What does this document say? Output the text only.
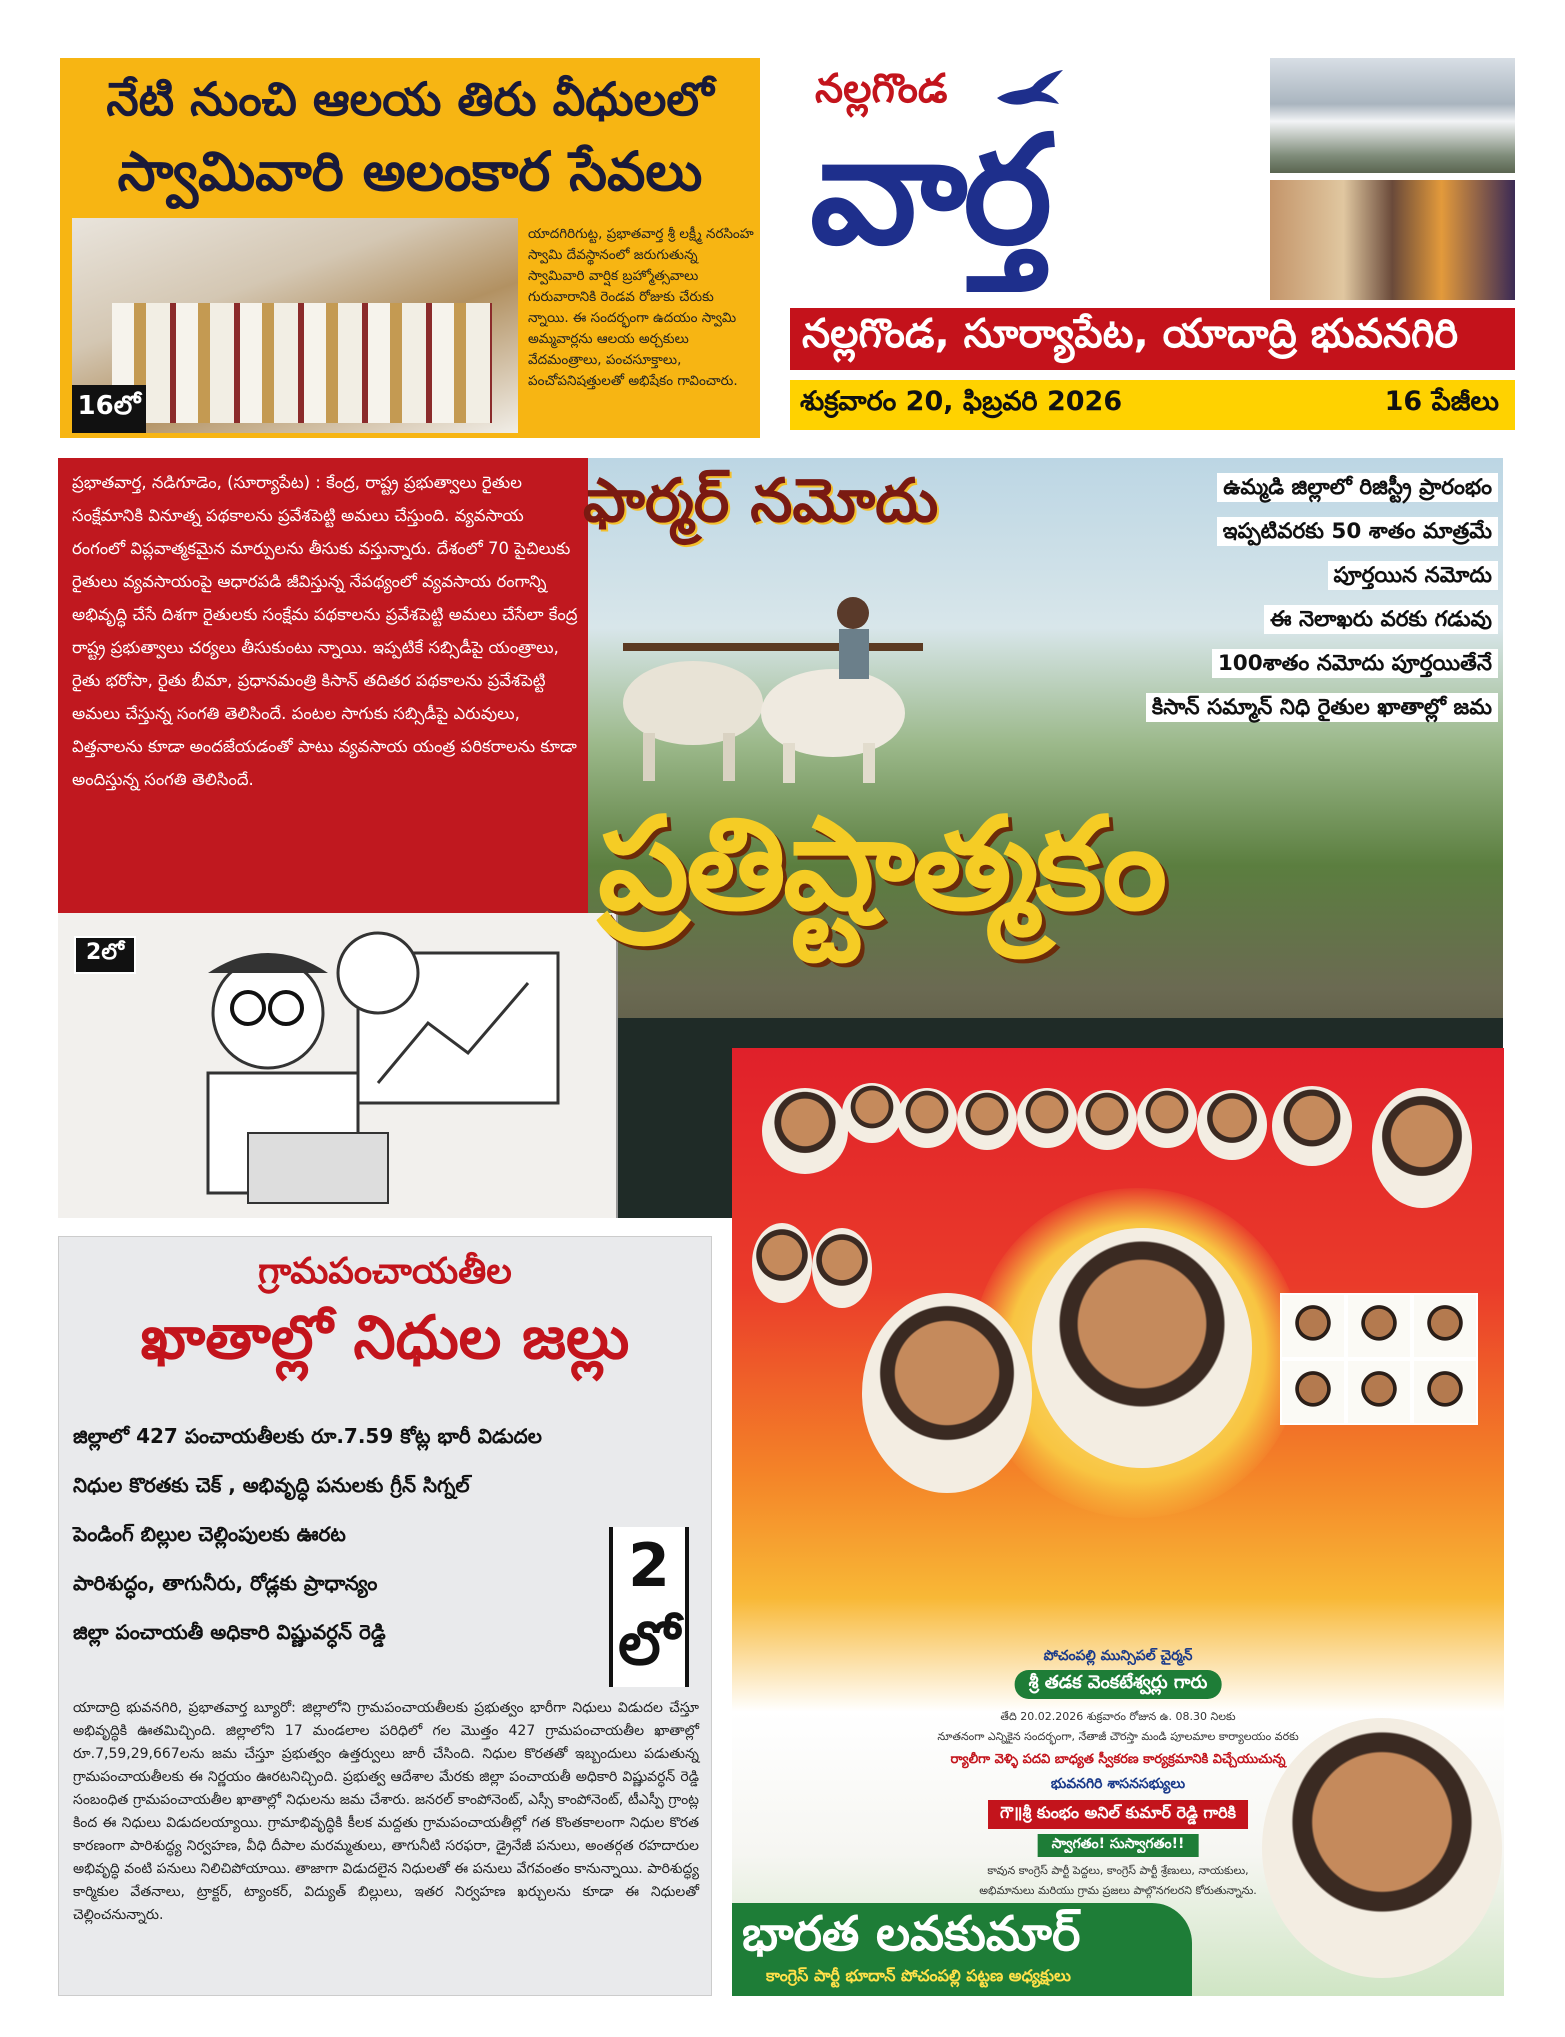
నేటి నుంచి ఆలయ తిరు వీధులలో
స్వామివారి అలంకార సేవలు
16లో
యాదగిరిగుట్ట, ప్రభాతవార్త శ్రీ లక్ష్మీ నరసింహ స్వామి దేవస్థానంలో జరుగుతున్న స్వామివారి వార్షిక బ్రహ్మోత్సవాలు గురువారానికి రెండవ రోజుకు చేరుకు న్నాయి. ఈ సందర్భంగా ఉదయం స్వామి అమ్మవార్లను ఆలయ అర్చకులు వేదమంత్రాలు, పంచసూక్తాలు, పంచోపనిషత్తులతో అభిషేకం గావించారు.
నల్లగొండ
వార్త
నల్లగొండ, సూర్యాపేట, యాదాద్రి భువనగిరి
శుక్రవారం 20, ఫిబ్రవరి 2026	16 పేజీలు

ప్రభాతవార్త, నడిగూడెం, (సూర్యాపేట) : కేంద్ర, రాష్ట్ర ప్రభుత్వాలు రైతుల సంక్షేమానికి వినూత్న పథకాలను ప్రవేశపెట్టి అమలు చేస్తుంది. వ్యవసాయ రంగంలో విప్లవాత్మకమైన మార్పులను తీసుకు వస్తున్నారు. దేశంలో 70 పైచిలుకు రైతులు వ్యవసాయంపై ఆధారపడి జీవిస్తున్న నేపథ్యంలో వ్యవసాయ రంగాన్ని అభివృద్ధి చేసే దిశగా రైతులకు సంక్షేమ పథకాలను ప్రవేశపెట్టి అమలు చేసేలా కేంద్ర రాష్ట్ర ప్రభుత్వాలు చర్యలు తీసుకుంటు న్నాయి. ఇప్పటికే సబ్సిడీపై యంత్రాలు, రైతు భరోసా, రైతు బీమా, ప్రధానమంత్రి కిసాన్ తదితర పథకాలను ప్రవేశపెట్టి అమలు చేస్తున్న సంగతి తెలిసిందే. పంటల సాగుకు సబ్సిడీపై ఎరువులు, విత్తనాలను కూడా అందజేయడంతో పాటు వ్యవసాయ యంత్ర పరికరాలను కూడా అందిస్తున్న సంగతి తెలిసిందే.

2లో
ఫార్మర్ నమోదు
ప్రతిష్టాత్మకం
ఉమ్మడి జిల్లాలో రిజిస్ట్రీ ప్రారంభం
ఇప్పటివరకు 50 శాతం మాత్రమే
పూర్తయిన నమోదు
ఈ నెలాఖరు వరకు గడువు
100శాతం నమోదు పూర్తయితేనే
కిసాన్ సమ్మాన్ నిధి రైతుల ఖాతాల్లో జమ
గ్రామపంచాయతీల
ఖాతాల్లో నిధుల జల్లు
జిల్లాలో 427 పంచాయతీలకు రూ.7.59 కోట్ల భారీ విడుదల
నిధుల కొరతకు చెక్ , అభివృద్ధి పనులకు గ్రీన్ సిగ్నల్
పెండింగ్ బిల్లుల చెల్లింపులకు ఊరట
పారిశుద్ధం, తాగునీరు, రోడ్లకు ప్రాధాన్యం
జిల్లా పంచాయతీ అధికారి విష్ణువర్ధన్ రెడ్డి
2
లో
యాదాద్రి భువనగిరి, ప్రభాతవార్త బ్యూరో: జిల్లాలోని గ్రామపంచాయతీలకు ప్రభుత్వం భారీగా నిధులు విడుదల చేస్తూ అభివృద్ధికి ఊతమిచ్చింది. జిల్లాలోని 17 మండలాల పరిధిలో గల మొత్తం 427 గ్రామపంచాయతీల ఖాతాల్లో రూ.7,59,29,667లను జమ చేస్తూ ప్రభుత్వం ఉత్తర్వులు జారీ చేసింది. నిధుల కొరతతో ఇబ్బందులు పడుతున్న గ్రామపంచాయతీలకు ఈ నిర్ణయం ఊరటనిచ్చింది. ప్రభుత్వ ఆదేశాల మేరకు జిల్లా పంచాయతీ అధికారి విష్ణువర్ధన్ రెడ్డి సంబంధిత గ్రామపంచాయతీల ఖాతాల్లో నిధులను జమ చేశారు. జనరల్ కాంపోనెంట్, ఎస్సీ కాంపోనెంట్, టీఎస్పీ గ్రాంట్ల కింద ఈ నిధులు విడుదలయ్యాయి. గ్రామాభివృద్ధికి కీలక మద్దతు గ్రామపంచాయతీల్లో గత కొంతకాలంగా నిధుల కొరత కారణంగా పారిశుద్ధ్య నిర్వహణ, వీధి దీపాల మరమ్మతులు, తాగునీటి సరఫరా, డ్రైనేజీ పనులు, అంతర్గత రహదారుల అభివృద్ధి వంటి పనులు నిలిచిపోయాయి. తాజాగా విడుదలైన నిధులతో ఈ పనులు వేగవంతం కానున్నాయి. పారిశుద్ధ్య కార్మికుల వేతనాలు, ట్రాక్టర్, ట్యాంకర్, విద్యుత్ బిల్లులు, ఇతర నిర్వహణ ఖర్చులను కూడా ఈ నిధులతో చెల్లించనున్నారు.
పోచంపల్లి మున్సిపల్ చైర్మన్
శ్రీ తడక వెంకటేశ్వర్లు గారు
తేది 20.02.2026 శుక్రవారం రోజున ఉ. 08.30 నిలకు
నూతనంగా ఎన్నికైన సందర్భంగా, నేతాజీ చౌరస్తా మండి పూలమాల కార్యాలయం వరకు
ర్యాలీగా వెళ్ళి పదవి బాధ్యత స్వీకరణ కార్యక్రమానికి విచ్చేయుచున్న
భువనగిరి శాసనసభ్యులు
గౌ॥శ్రీ కుంభం అనిల్ కుమార్ రెడ్డి గారికి
స్వాగతం! సుస్వాగతం!!
కావున కాంగ్రెస్ పార్టీ పెద్దలు, కాంగ్రెస్ పార్టీ శ్రేణులు, నాయకులు,
అభిమానులు మరియు గ్రామ ప్రజలు పాల్గొనగలరని కోరుతున్నాను.
భారత లవకుమార్
కాంగ్రెస్ పార్టీ భూదాన్ పోచంపల్లి పట్టణ అధ్యక్షులు
